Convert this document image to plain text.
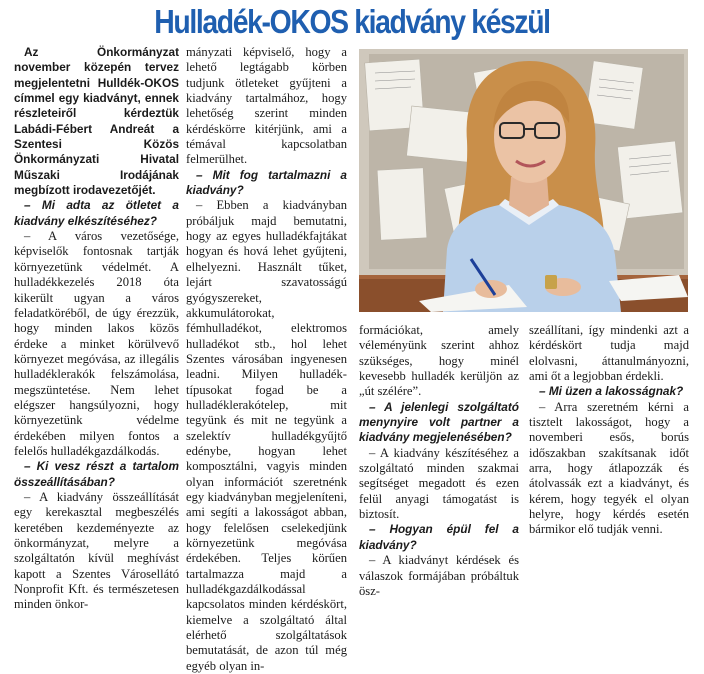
Hulladék-OKOS kiadvány készül

Az Önkormányzat november közepén tervez megjelentetni Hulldék-OKOS címmel egy kiadványt, ennek részleteiről kérdeztük Labádi-Fébert Andreát a Szentesi Közös Önkormányzati Hivatal Műszaki Irodájának megbízott irodavezetőjét.

– Mi adta az ötletet a kiadvány elkészítéséhez?

– A város vezetősége, képviselők fontosnak tartják környezetünk védelmét. A hulladékkezelés 2018 óta kikerült ugyan a város feladatköréből, de úgy érezzük, hogy minden lakos közös érdeke a minket körülvevő környezet megóvása, az illegális hulladéklerakók felszámolása, megszüntetése. Nem lehet elégszer hangsúlyozni, hogy környezetünk védelme érdekében milyen fontos a felelős hulladékgazdálkodás.

– Ki vesz részt a tartalom összeállításában?

– A kiadvány összeállítását egy kerekasztal megbeszélés keretében kezdeményezte az önkormányzat, melyre a szolgáltatón kívül meghívást kapott a Szentes Városellátó Nonprofit Kft. és természetesen minden önkor-

mányzati képviselő, hogy a lehető legtágabb körben tudjunk ötleteket gyűjteni a kiadvány tartalmához, hogy lehetőség szerint minden kérdéskörre kitérjünk, ami a témával kapcsolatban felmerülhet.

– Mit fog tartalmazni a kiadvány?

– Ebben a kiadványban próbáljuk majd bemutatni, hogy az egyes hulladékfajtákat hogyan és hová lehet gyűjteni, elhelyezni. Használt tűket, lejárt szavatosságú gyógyszereket, akkumulátorokat, fémhulladékot, elektromos hulladékot stb., hol lehet Szentes városában ingyenesen leadni. Milyen hulladék-típusokat fogad be a hulladéklerakótelep, mit tegyünk és mit ne tegyünk a szelektív hulladékgyűjtő edénybe, hogyan lehet komposztálni, vagyis minden olyan információt szeretnénk egy kiadványban megjeleníteni, ami segíti a lakosságot abban, hogy felelősen cselekedjünk környezetünk megóvása érdekében. Teljes körűen tartalmazza majd a hulladékgazdálkodással kapcsolatos minden kérdéskört, kiemelve a szolgáltató által elérhető szolgáltatások bemutatását, de azon túl még egyéb olyan in-

formációkat, amely véleményünk szerint ahhoz szükséges, hogy minél kevesebb hulladék kerüljön az „út szélére”.

– A jelenlegi szolgáltató menynyire volt partner a kiadvány megjelenésében?

– A kiadvány készítéséhez a szolgáltató minden szakmai segítséget megadott és ezen felül anyagi támogatást is biztosít.

– Hogyan épül fel a kiadvány?

– A kiadványt kérdések és válaszok formájában próbáltuk ösz-

szeállítani, így mindenki azt a kérdéskört tudja majd elolvasni, áttanulmányozni, ami őt a legjobban érdekli.

– Mi üzen a lakosságnak?

– Arra szeretném kérni a tisztelt lakosságot, hogy a novemberi esős, borús időszakban szakítsanak időt arra, hogy átlapozzák és átolvassák ezt a kiadványt, és kérem, hogy tegyék el olyan helyre, hogy kérdés esetén bármikor elő tudják venni.
